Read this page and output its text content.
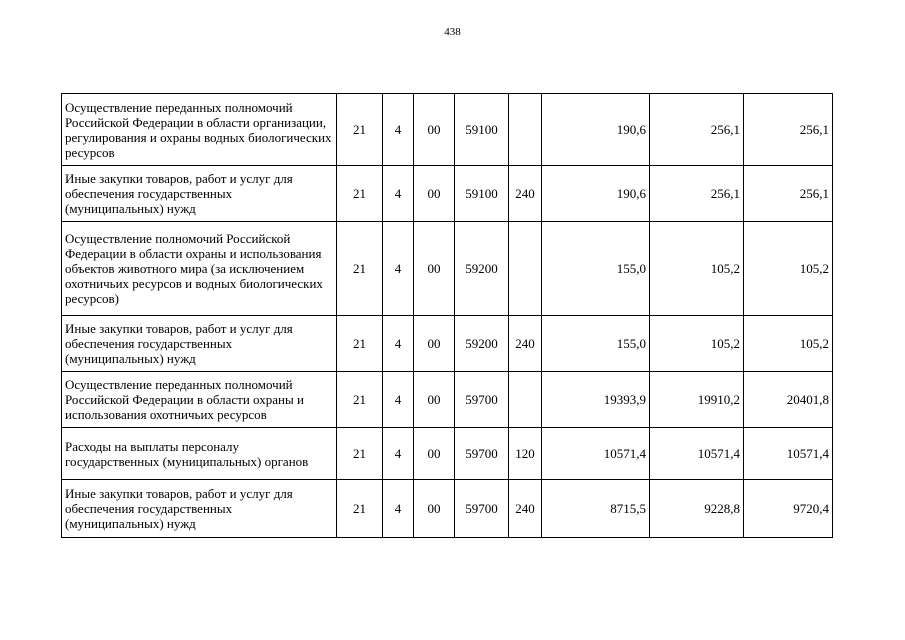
438
Осуществление переданных полномочий Российской Федерации в области организации, регулирования и охраны водных биологических ресурсов	21	4	00	59100		190,6	256,1	256,1
Иные закупки товаров, работ и услуг для обеспечения государственных (муниципальных) нужд	21	4	00	59100	240	190,6	256,1	256,1
Осуществление полномочий Российской Федерации в области охраны и использования объектов животного мира (за исключением охотничьих ресурсов и водных биологических ресурсов)	21	4	00	59200		155,0	105,2	105,2
Иные закупки товаров, работ и услуг для обеспечения государственных (муниципальных) нужд	21	4	00	59200	240	155,0	105,2	105,2
Осуществление переданных полномочий Российской Федерации в области охраны и использования охотничьих ресурсов	21	4	00	59700		19393,9	19910,2	20401,8
Расходы на выплаты персоналу государственных (муниципальных) органов	21	4	00	59700	120	10571,4	10571,4	10571,4
Иные закупки товаров, работ и услуг для обеспечения государственных (муниципальных) нужд	21	4	00	59700	240	8715,5	9228,8	9720,4
